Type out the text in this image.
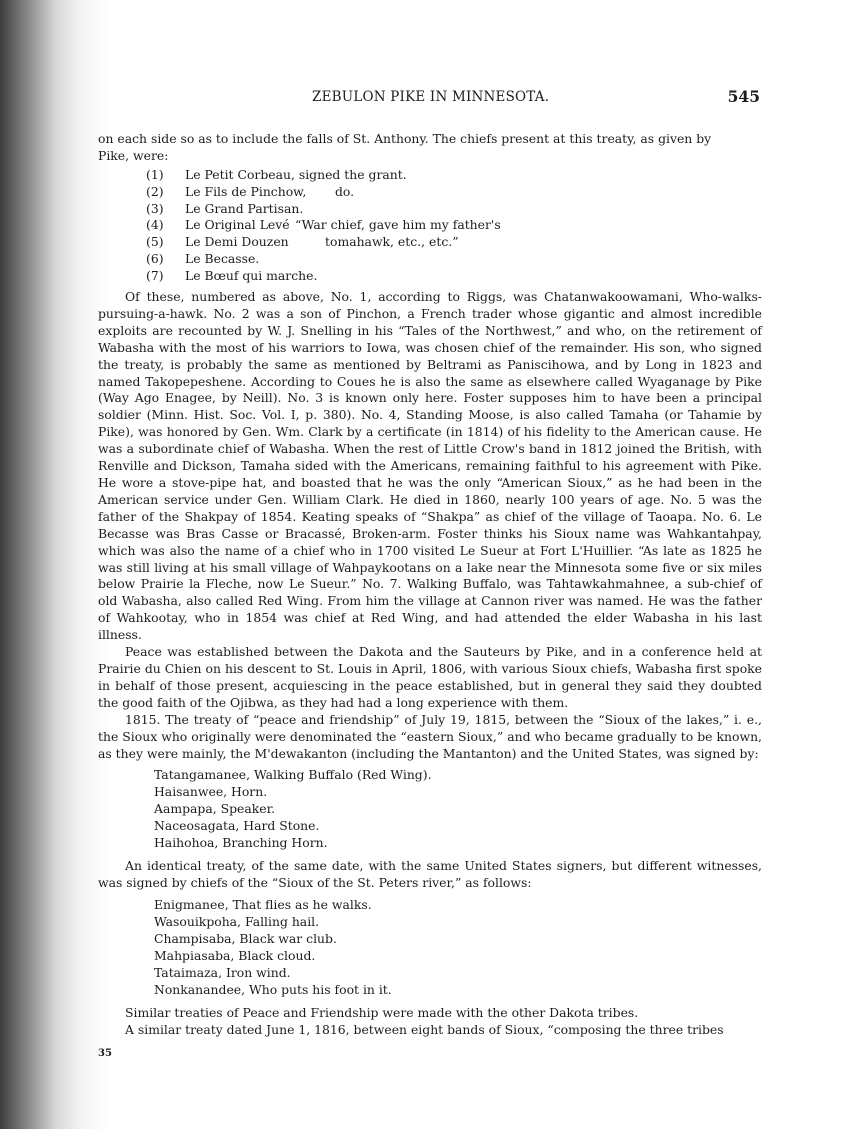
ZEBULON PIKE IN MINNESOTA.	545

on each side so as to include the falls of St. Anthony. The chiefs present at this treaty, as given by

Pike, were:

(1)	Le Petit Corbeau, signed the grant.
(2)	Le Fils de Pinchow,	do.
(3)	Le Grand Partisan.
(4)	Le Original Levé “War chief, gave him my father's
(5)	Le Demi Douzen	tomahawk, etc., etc.”
(6)	Le Becasse.
(7)	Le Bœuf qui marche.

Of these, numbered as above, No. 1, according to Riggs, was Chatanwakoowamani, Who-walks-pursuing-a-hawk. No. 2 was a son of Pinchon, a French trader whose gigantic and almost incredible exploits are recounted by W. J. Snelling in his “Tales of the Northwest,” and who, on the retirement of Wabasha with the most of his warriors to Iowa, was chosen chief of the remainder. His son, who signed the treaty, is probably the same as mentioned by Beltrami as Paniscihowa, and by Long in 1823 and named Takopepeshene. According to Coues he is also the same as elsewhere called Wyaganage by Pike (Way Ago Enagee, by Neill). No. 3 is known only here. Foster supposes him to have been a principal soldier (Minn. Hist. Soc. Vol. I, p. 380). No. 4, Standing Moose, is also called Tamaha (or Tahamie by Pike), was honored by Gen. Wm. Clark by a certificate (in 1814) of his fidelity to the American cause. He was a subordinate chief of Wabasha. When the rest of Little Crow's band in 1812 joined the British, with Renville and Dickson, Tamaha sided with the Americans, remaining faithful to his agreement with Pike. He wore a stove-pipe hat, and boasted that he was the only “American Sioux,” as he had been in the American service under Gen. William Clark. He died in 1860, nearly 100 years of age. No. 5 was the father of the Shakpay of 1854. Keating speaks of “Shakpa” as chief of the village of Taoapa. No. 6. Le Becasse was Bras Casse or Bracassé, Broken-arm. Foster thinks his Sioux name was Wahkantahpay, which was also the name of a chief who in 1700 visited Le Sueur at Fort L'Huillier. “As late as 1825 he was still living at his small village of Wahpaykootans on a lake near the Minnesota some five or six miles below Prairie la Fleche, now Le Sueur.” No. 7. Walking Buffalo, was Tahtawkahmahnee, a sub-chief of old Wabasha, also called Red Wing. From him the village at Cannon river was named. He was the father of Wahkootay, who in 1854 was chief at Red Wing, and had attended the elder Wabasha in his last illness.

Peace was established between the Dakota and the Sauteurs by Pike, and in a conference held at Prairie du Chien on his descent to St. Louis in April, 1806, with various Sioux chiefs, Wabasha first spoke in behalf of those present, acquiescing in the peace established, but in general they said they doubted the good faith of the Ojibwa, as they had had a long experience with them.

1815. The treaty of “peace and friendship” of July 19, 1815, between the “Sioux of the lakes,” i. e., the Sioux who originally were denominated the “eastern Sioux,” and who became gradually to be known, as they were mainly, the M'dewakanton (including the Mantanton) and the United States, was signed by:

Tatangamanee, Walking Buffalo (Red Wing).
Haisanwee, Horn.
Aampapa, Speaker.
Naceosagata, Hard Stone.
Haihohoa, Branching Horn.

An identical treaty, of the same date, with the same United States signers, but different witnesses, was signed by chiefs of the “Sioux of the St. Peters river,” as follows:

Enigmanee, That flies as he walks.
Wasouikpoha, Falling hail.
Champisaba, Black war club.
Mahpiasaba, Black cloud.
Tataimaza, Iron wind.
Nonkanandee, Who puts his foot in it.

Similar treaties of Peace and Friendship were made with the other Dakota tribes.

A similar treaty dated June 1, 1816, between eight bands of Sioux, “composing the three tribes

35
